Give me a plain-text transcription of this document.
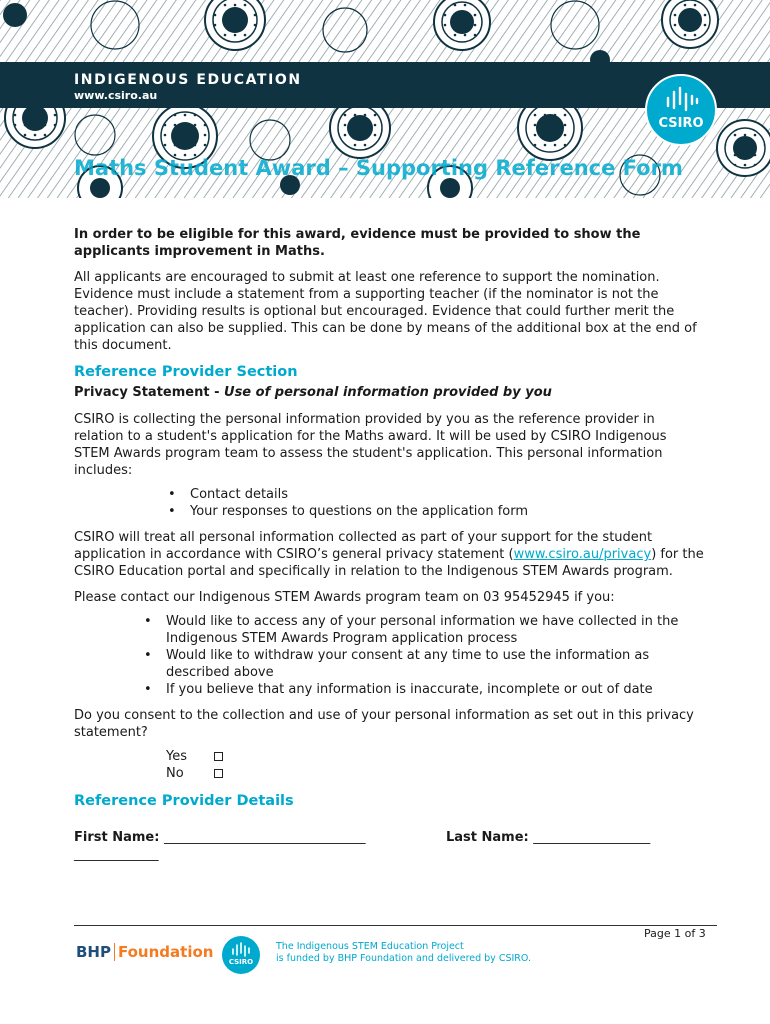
INDIGENOUS EDUCATION
www.csiro.au
CSIRO
Maths Student Award – Supporting Reference Form

In order to be eligible for this award, evidence must be provided to show the applicants improvement in Maths.

All applicants are encouraged to submit at least one reference to support the nomination. Evidence must include a statement from a supporting teacher (if the nominator is not the teacher). Providing results is optional but encouraged. Evidence that could further merit the application can also be supplied. This can be done by means of the additional box at the end of this document.

Reference Provider Section

Privacy Statement - Use of personal information provided by you

CSIRO is collecting the personal information provided by you as the reference provider in relation to a student's application for the Maths award. It will be used by CSIRO Indigenous STEM Awards program team to assess the student's application. This personal information includes:

• Contact details
• Your responses to questions on the application form

CSIRO will treat all personal information collected as part of your support for the student application in accordance with CSIRO’s general privacy statement (www.csiro.au/privacy) for the CSIRO Education portal and specifically in relation to the Indigenous STEM Awards program.

Please contact our Indigenous STEM Awards program team on 03 95452945 if you:

• Would like to access any of your personal information we have collected in the Indigenous STEM Awards Program application process
• Would like to withdraw your consent at any time to use the information as described above
• If you believe that any information is inaccurate, incomplete or out of date

Do you consent to the collection and use of your personal information as set out in this privacy statement?

Yes
No
Reference Provider Details
First Name: _______________________________	Last Name: __________________
_____________
Page 1 of 3
BHP Foundation
CSIRO
The Indigenous STEM Education Project
is funded by BHP Foundation and delivered by CSIRO.
